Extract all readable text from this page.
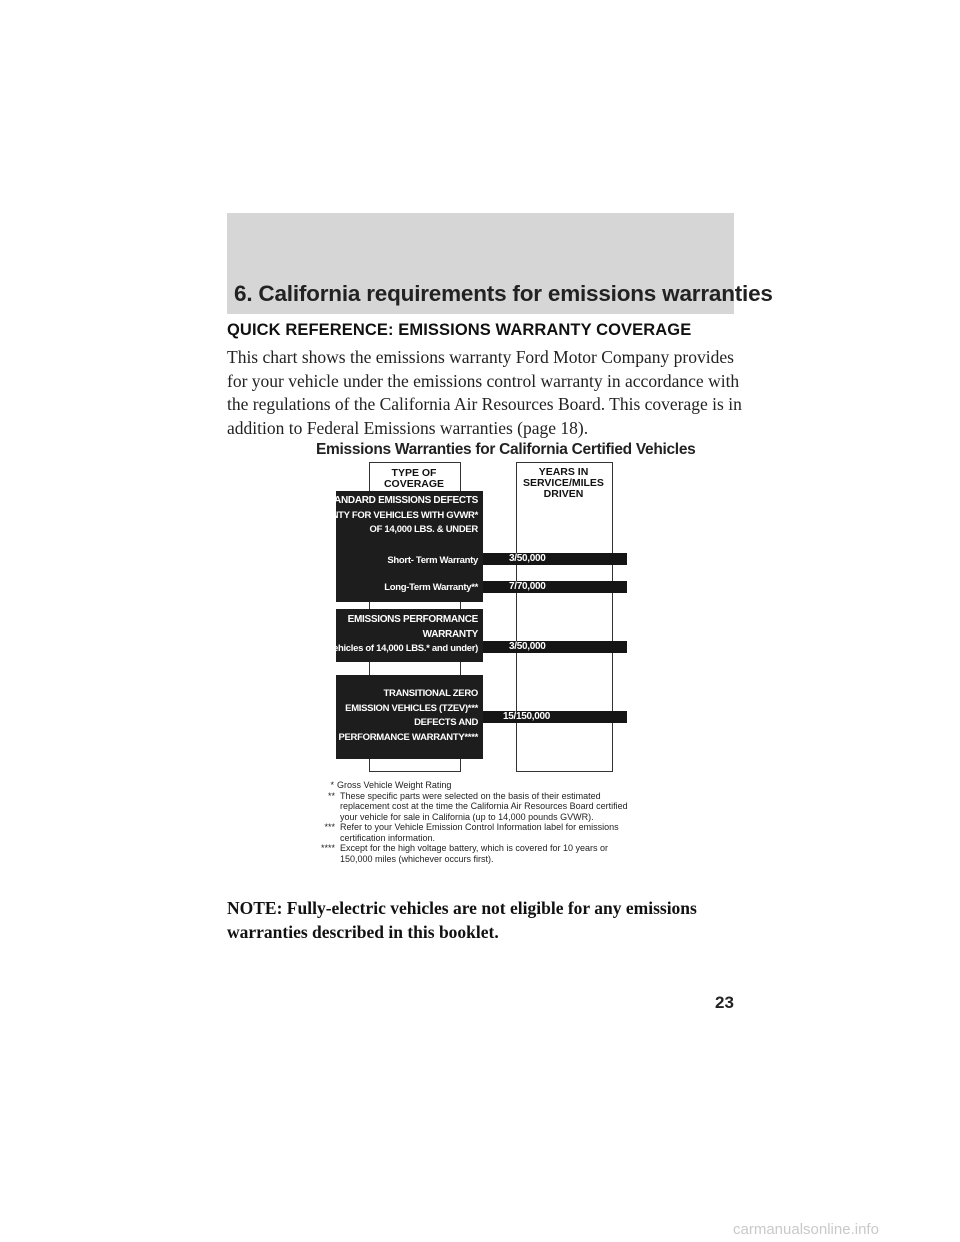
6. California requirements for emissions warranties
QUICK REFERENCE: EMISSIONS WARRANTY COVERAGE

This chart shows the emissions warranty Ford Motor Company provides

for your vehicle under the emissions control warranty in accordance with

the regulations of the California Air Resources Board. This coverage is in

addition to Federal Emissions warranties (page 18).

Emissions Warranties for California Certified Vehicles
TYPE OF
COVERAGE
YEARS IN
SERVICE/MILES
DRIVEN
STANDARD EMISSIONS DEFECTS
WARRANTY FOR VEHICLES WITH GVWR*
OF 14,000 LBS. & UNDER
Short- Term Warranty
Long-Term Warranty**
EMISSIONS PERFORMANCE
WARRANTY
(Vehicles of 14,000 LBS.* and under)
TRANSITIONAL ZERO
EMISSION VEHICLES (TZEV)***
DEFECTS AND
PERFORMANCE WARRANTY****
3/50,000
7/70,000
3/50,000
15/150,000
* Gross Vehicle Weight Rating
** These specific parts were selected on the basis of their estimated
replacement cost at the time the California Air Resources Board certified
your vehicle for sale in California (up to 14,000 pounds GVWR).
*** Refer to your Vehicle Emission Control Information label for emissions
certification information.
**** Except for the high voltage battery, which is covered for 10 years or
150,000 miles (whichever occurs first).

NOTE: Fully-electric vehicles are not eligible for any emissions

warranties described in this booklet.

23
carmanualsonline.info
